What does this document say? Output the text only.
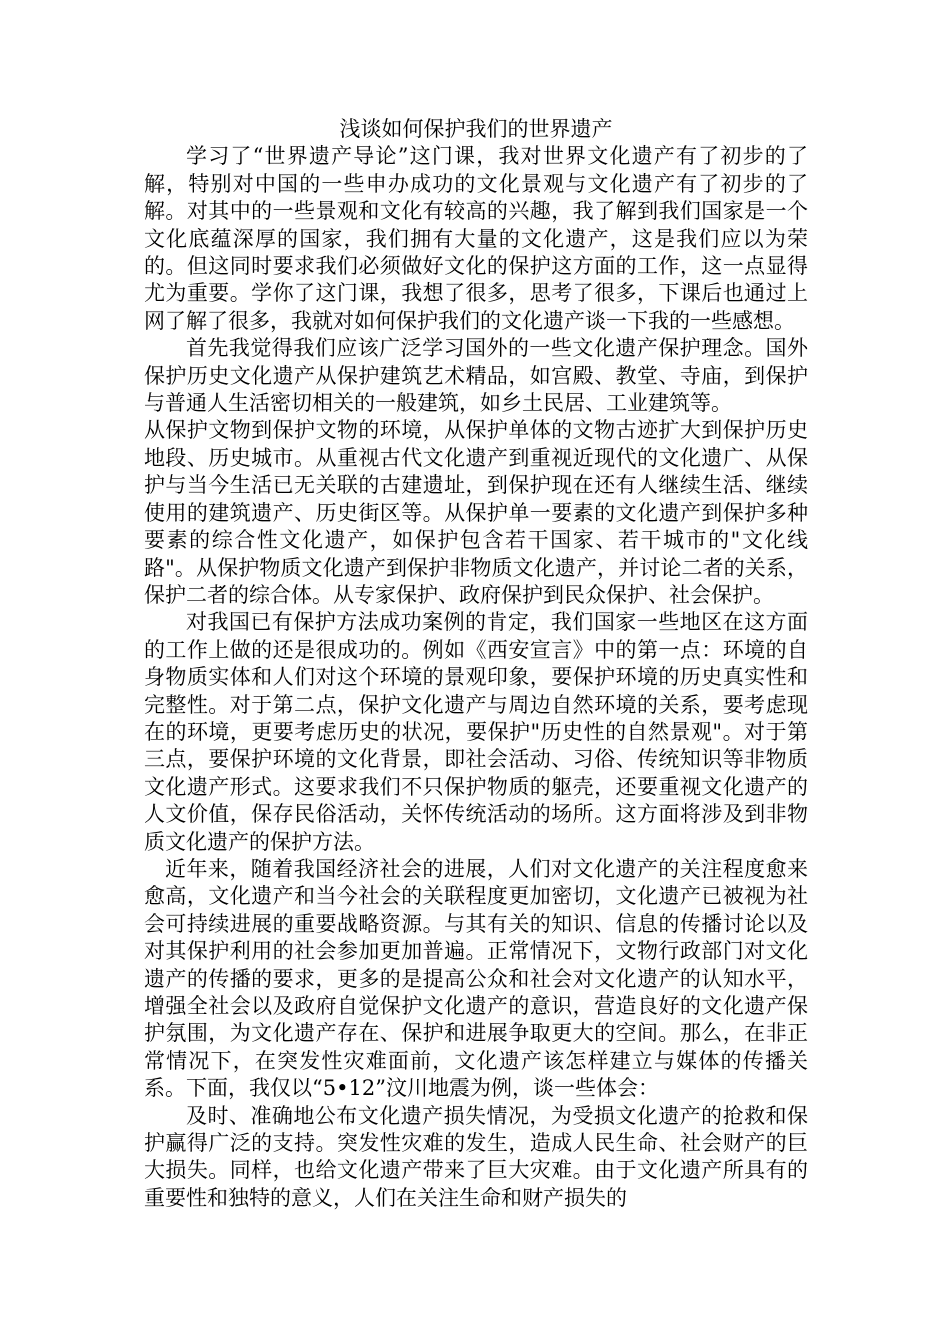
浅谈如何保护我们的世界遗产

学习了“世界遗产导论”这门课，我对世界文化遗产有了初步的了解，特别对中国的一些申办成功的文化景观与文化遗产有了初步的了解。对其中的一些景观和文化有较高的兴趣，我了解到我们国家是一个文化底蕴深厚的国家，我们拥有大量的文化遗产，这是我们应以为荣的。但这同时要求我们必须做好文化的保护这方面的工作，这一点显得尤为重要。学你了这门课，我想了很多，思考了很多，下课后也通过上网了解了很多，我就对如何保护我们的文化遗产谈一下我的一些感想。

首先我觉得我们应该广泛学习国外的一些文化遗产保护理念。国外保护历史文化遗产从保护建筑艺术精品，如宫殿、教堂、寺庙，到保护与普通人生活密切相关的一般建筑，如乡土民居、工业建筑等。

从保护文物到保护文物的环境，从保护单体的文物古迹扩大到保护历史地段、历史城市。从重视古代文化遗产到重视近现代的文化遗广、从保护与当今生活已无关联的古建遗址，到保护现在还有人继续生活、继续使用的建筑遗产、历史街区等。从保护单一要素的文化遗产到保护多种要素的综合性文化遗产，如保护包含若干国家、若干城市的"文化线路"。从保护物质文化遗产到保护非物质文化遗产，并讨论二者的关系，保护二者的综合体。从专家保护、政府保护到民众保护、社会保护。

对我国已有保护方法成功案例的肯定，我们国家一些地区在这方面的工作上做的还是很成功的。例如《西安宣言》中的第一点：环境的自身物质实体和人们对这个环境的景观印象，要保护环境的历史真实性和完整性。对于第二点，保护文化遗产与周边自然环境的关系，要考虑现在的环境，更要考虑历史的状况，要保护"历史性的自然景观"。对于第三点，要保护环境的文化背景，即社会活动、习俗、传统知识等非物质文化遗产形式。这要求我们不只保护物质的躯壳，还要重视文化遗产的人文价值，保存民俗活动，关怀传统活动的场所。这方面将涉及到非物质文化遗产的保护方法。

近年来，随着我国经济社会的进展，人们对文化遗产的关注程度愈来愈高，文化遗产和当今社会的关联程度更加密切，文化遗产已被视为社会可持续进展的重要战略资源。与其有关的知识、信息的传播讨论以及对其保护利用的社会参加更加普遍。正常情况下，文物行政部门对文化遗产的传播的要求，更多的是提高公众和社会对文化遗产的认知水平，增强全社会以及政府自觉保护文化遗产的意识，营造良好的文化遗产保护氛围，为文化遗产存在、保护和进展争取更大的空间。那么，在非正常情况下，在突发性灾难面前，文化遗产该怎样建立与媒体的传播关系。下面，我仅以“5•12”汶川地震为例，谈一些体会：

及时、准确地公布文化遗产损失情况，为受损文化遗产的抢救和保护赢得广泛的支持。突发性灾难的发生，造成人民生命、社会财产的巨大损失。同样，也给文化遗产带来了巨大灾难。由于文化遗产所具有的重要性和独特的意义，人们在关注生命和财产损失的
